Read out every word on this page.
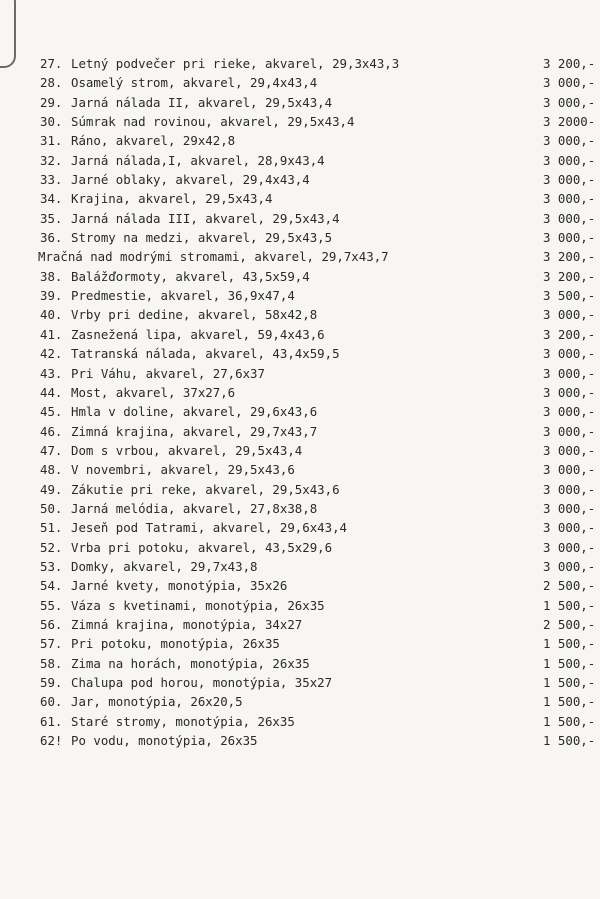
27. Letný podvečer pri rieke, akvarel, 29,3x43,3	3 200,-
28. Osamelý strom, akvarel, 29,4x43,4	3 000,-
29. Jarná nálada II, akvarel, 29,5x43,4	3 000,-
30. Súmrak nad rovinou, akvarel, 29,5x43,4	3 2000-
31. Ráno, akvarel, 29x42,8	3 000,-
32. Jarná nálada,I, akvarel, 28,9x43,4	3 000,-
33. Jarné oblaky, akvarel, 29,4x43,4	3 000,-
34. Krajina, akvarel, 29,5x43,4	3 000,-
35. Jarná nálada III, akvarel, 29,5x43,4	3 000,-
36. Stromy na medzi, akvarel, 29,5x43,5	3 000,-
Mračná nad modrými stromami, akvarel, 29,7x43,7	3 200,-
38. Balážďormoty, akvarel, 43,5x59,4	3 200,-
39. Predmestie, akvarel, 36,9x47,4	3 500,-
40. Vrby pri dedine, akvarel, 58x42,8	3 000,-
41. Zasnežená lipa, akvarel, 59,4x43,6	3 200,-
42. Tatranská nálada, akvarel, 43,4x59,5	3 000,-
43. Pri Váhu, akvarel, 27,6x37	3 000,-
44. Most, akvarel, 37x27,6	3 000,-
45. Hmla v doline, akvarel, 29,6x43,6	3 000,-
46. Zimná krajina, akvarel, 29,7x43,7	3 000,-
47. Dom s vrbou, akvarel, 29,5x43,4	3 000,-
48. V novembri, akvarel, 29,5x43,6	3 000,-
49. Zákutie pri reke, akvarel, 29,5x43,6	3 000,-
50. Jarná melódia, akvarel, 27,8x38,8	3 000,-
51. Jeseň pod Tatrami, akvarel, 29,6x43,4	3 000,-
52. Vrba pri potoku, akvarel, 43,5x29,6	3 000,-
53. Domky, akvarel, 29,7x43,8	3 000,-
54. Jarné kvety, monotýpia, 35x26	2 500,-
55. Váza s kvetinami, monotýpia, 26x35	1 500,-
56. Zimná krajina, monotýpia, 34x27	2 500,-
57. Pri potoku, monotýpia, 26x35	1 500,-
58. Zima na horách, monotýpia, 26x35	1 500,-
59. Chalupa pod horou, monotýpia, 35x27	1 500,-
60. Jar, monotýpia, 26x20,5	1 500,-
61. Staré stromy, monotýpia, 26x35	1 500,-
62! Po vodu, monotýpia, 26x35	1 500,-
